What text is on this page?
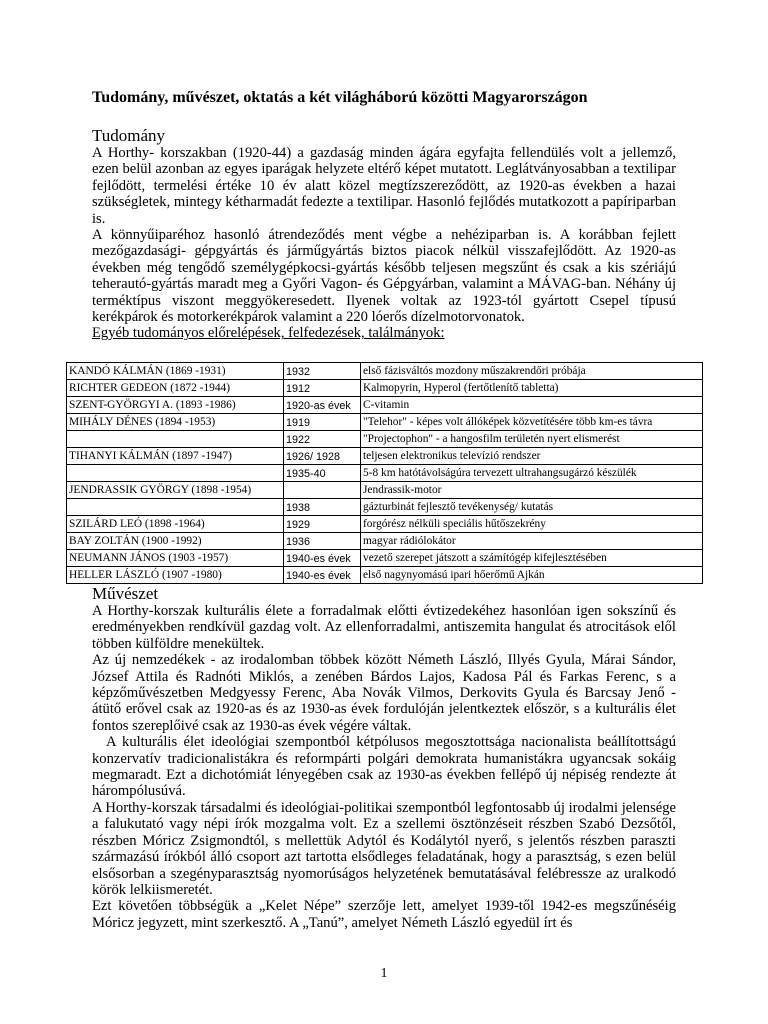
Tudomány, művészet, oktatás a két világháború közötti Magyarországon
Tudomány

A Horthy- korszakban (1920-44) a gazdaság minden ágára egyfajta fellendülés volt a jellemző, ezen belül azonban az egyes iparágak helyzete eltérő képet mutatott. Leglátványosabban a textilipar fejlődött, termelési értéke 10 év alatt közel megtízszereződött, az 1920-as években a hazai szükségletek, mintegy kétharmadát fedezte a textilipar. Hasonló fejlődés mutatkozott a papíriparban is.

A könnyűiparéhoz hasonló átrendeződés ment végbe a nehéziparban is. A korábban fejlett mezőgazdasági- gépgyártás és járműgyártás biztos piacok nélkül visszafejlődött. Az 1920-as években még tengődő személygépkocsi-gyártás később teljesen megszűnt és csak a kis szériájú teherautó-gyártás maradt meg a Győri Vagon- és Gépgyárban, valamint a MÁVAG-ban. Néhány új terméktípus viszont meggyökeresedett. Ilyenek voltak az 1923-tól gyártott Csepel típusú kerékpárok és motorkerékpárok valamint a 220 lóerős dízelmotorvonatok.

Egyéb tudományos előrelépések, felfedezések, találmányok:

KANDÓ KÁLMÁN (1869 -1931)	1932	első fázisváltós mozdony műszakrendőri próbája
RICHTER GEDEON (1872 -1944)	1912	Kalmopyrin, Hyperol (fertőtlenítő tabletta)
SZENT-GYÖRGYI A. (1893 -1986)	1920-as évek	C-vitamin
MIHÁLY DÉNES (1894 -1953)	1919	"Telehor" - képes volt állóképek közvetítésére több km-es távra
	1922	"Projectophon" - a hangosfilm területén nyert elismerést
TIHANYI KÁLMÁN (1897 -1947)	1926/ 1928	teljesen elektronikus televízió rendszer
	1935-40	5-8 km hatótávolságúra tervezett ultrahangsugárzó készülék
JENDRASSIK GYÖRGY (1898 -1954)		Jendrassik-motor
	1938	gázturbinát fejlesztő tevékenység/ kutatás
SZILÁRD LEÓ (1898 -1964)	1929	forgórész nélküli speciális hűtőszekrény
BAY ZOLTÁN (1900 -1992)	1936	magyar rádiólokátor
NEUMANN JÁNOS (1903 -1957)	1940-es évek	vezető szerepet játszott a számítógép kifejlesztésében
HELLER LÁSZLÓ (1907 -1980)	1940-es évek	első nagynyomású ipari hőerőmű Ajkán
Művészet

A Horthy-korszak kulturális élete a forradalmak előtti évtizedekéhez hasonlóan igen sokszínű és eredményekben rendkívül gazdag volt. Az ellenforradalmi, antiszemita hangulat és atrocitások elől többen külföldre menekültek.

Az új nemzedékek - az irodalomban többek között Németh László, Illyés Gyula, Márai Sándor, József Attila és Radnóti Miklós, a zenében Bárdos Lajos, Kadosa Pál és Farkas Ferenc, s a képzőművészetben Medgyessy Ferenc, Aba Novák Vilmos, Derkovits Gyula és Barcsay Jenő - átütő erővel csak az 1920-as és az 1930-as évek fordulóján jelentkeztek először, s a kulturális élet fontos szereplőivé csak az 1930-as évek végére váltak.

A kulturális élet ideológiai szempontból kétpólusos megosztottsága nacionalista beállítottságú konzervatív tradicionalistákra és reformpárti polgári demokrata humanistákra ugyancsak sokáig megmaradt. Ezt a dichotómiát lényegében csak az 1930-as években fellépő új népiség rendezte át hárompólusúvá.

A Horthy-korszak társadalmi és ideológiai-politikai szempontból legfontosabb új irodalmi jelensége a falukutató vagy népi írók mozgalma volt. Ez a szellemi ösztönzéseit részben Szabó Dezsőtől, részben Móricz Zsigmondtól, s mellettük Adytól és Kodálytól nyerő, s jelentős részben paraszti származású írókból álló csoport azt tartotta elsődleges feladatának, hogy a parasztság, s ezen belül elsősorban a szegényparasztság nyomorúságos helyzetének bemutatásával felébressze az uralkodó körök lelkiismeretét.

Ezt követően többségük a „Kelet Népe” szerzője lett, amelyet 1939-től 1942-es megszűnéséig Móricz jegyzett, mint szerkesztő. A „Tanú”, amelyet Németh László egyedül írt és

1
